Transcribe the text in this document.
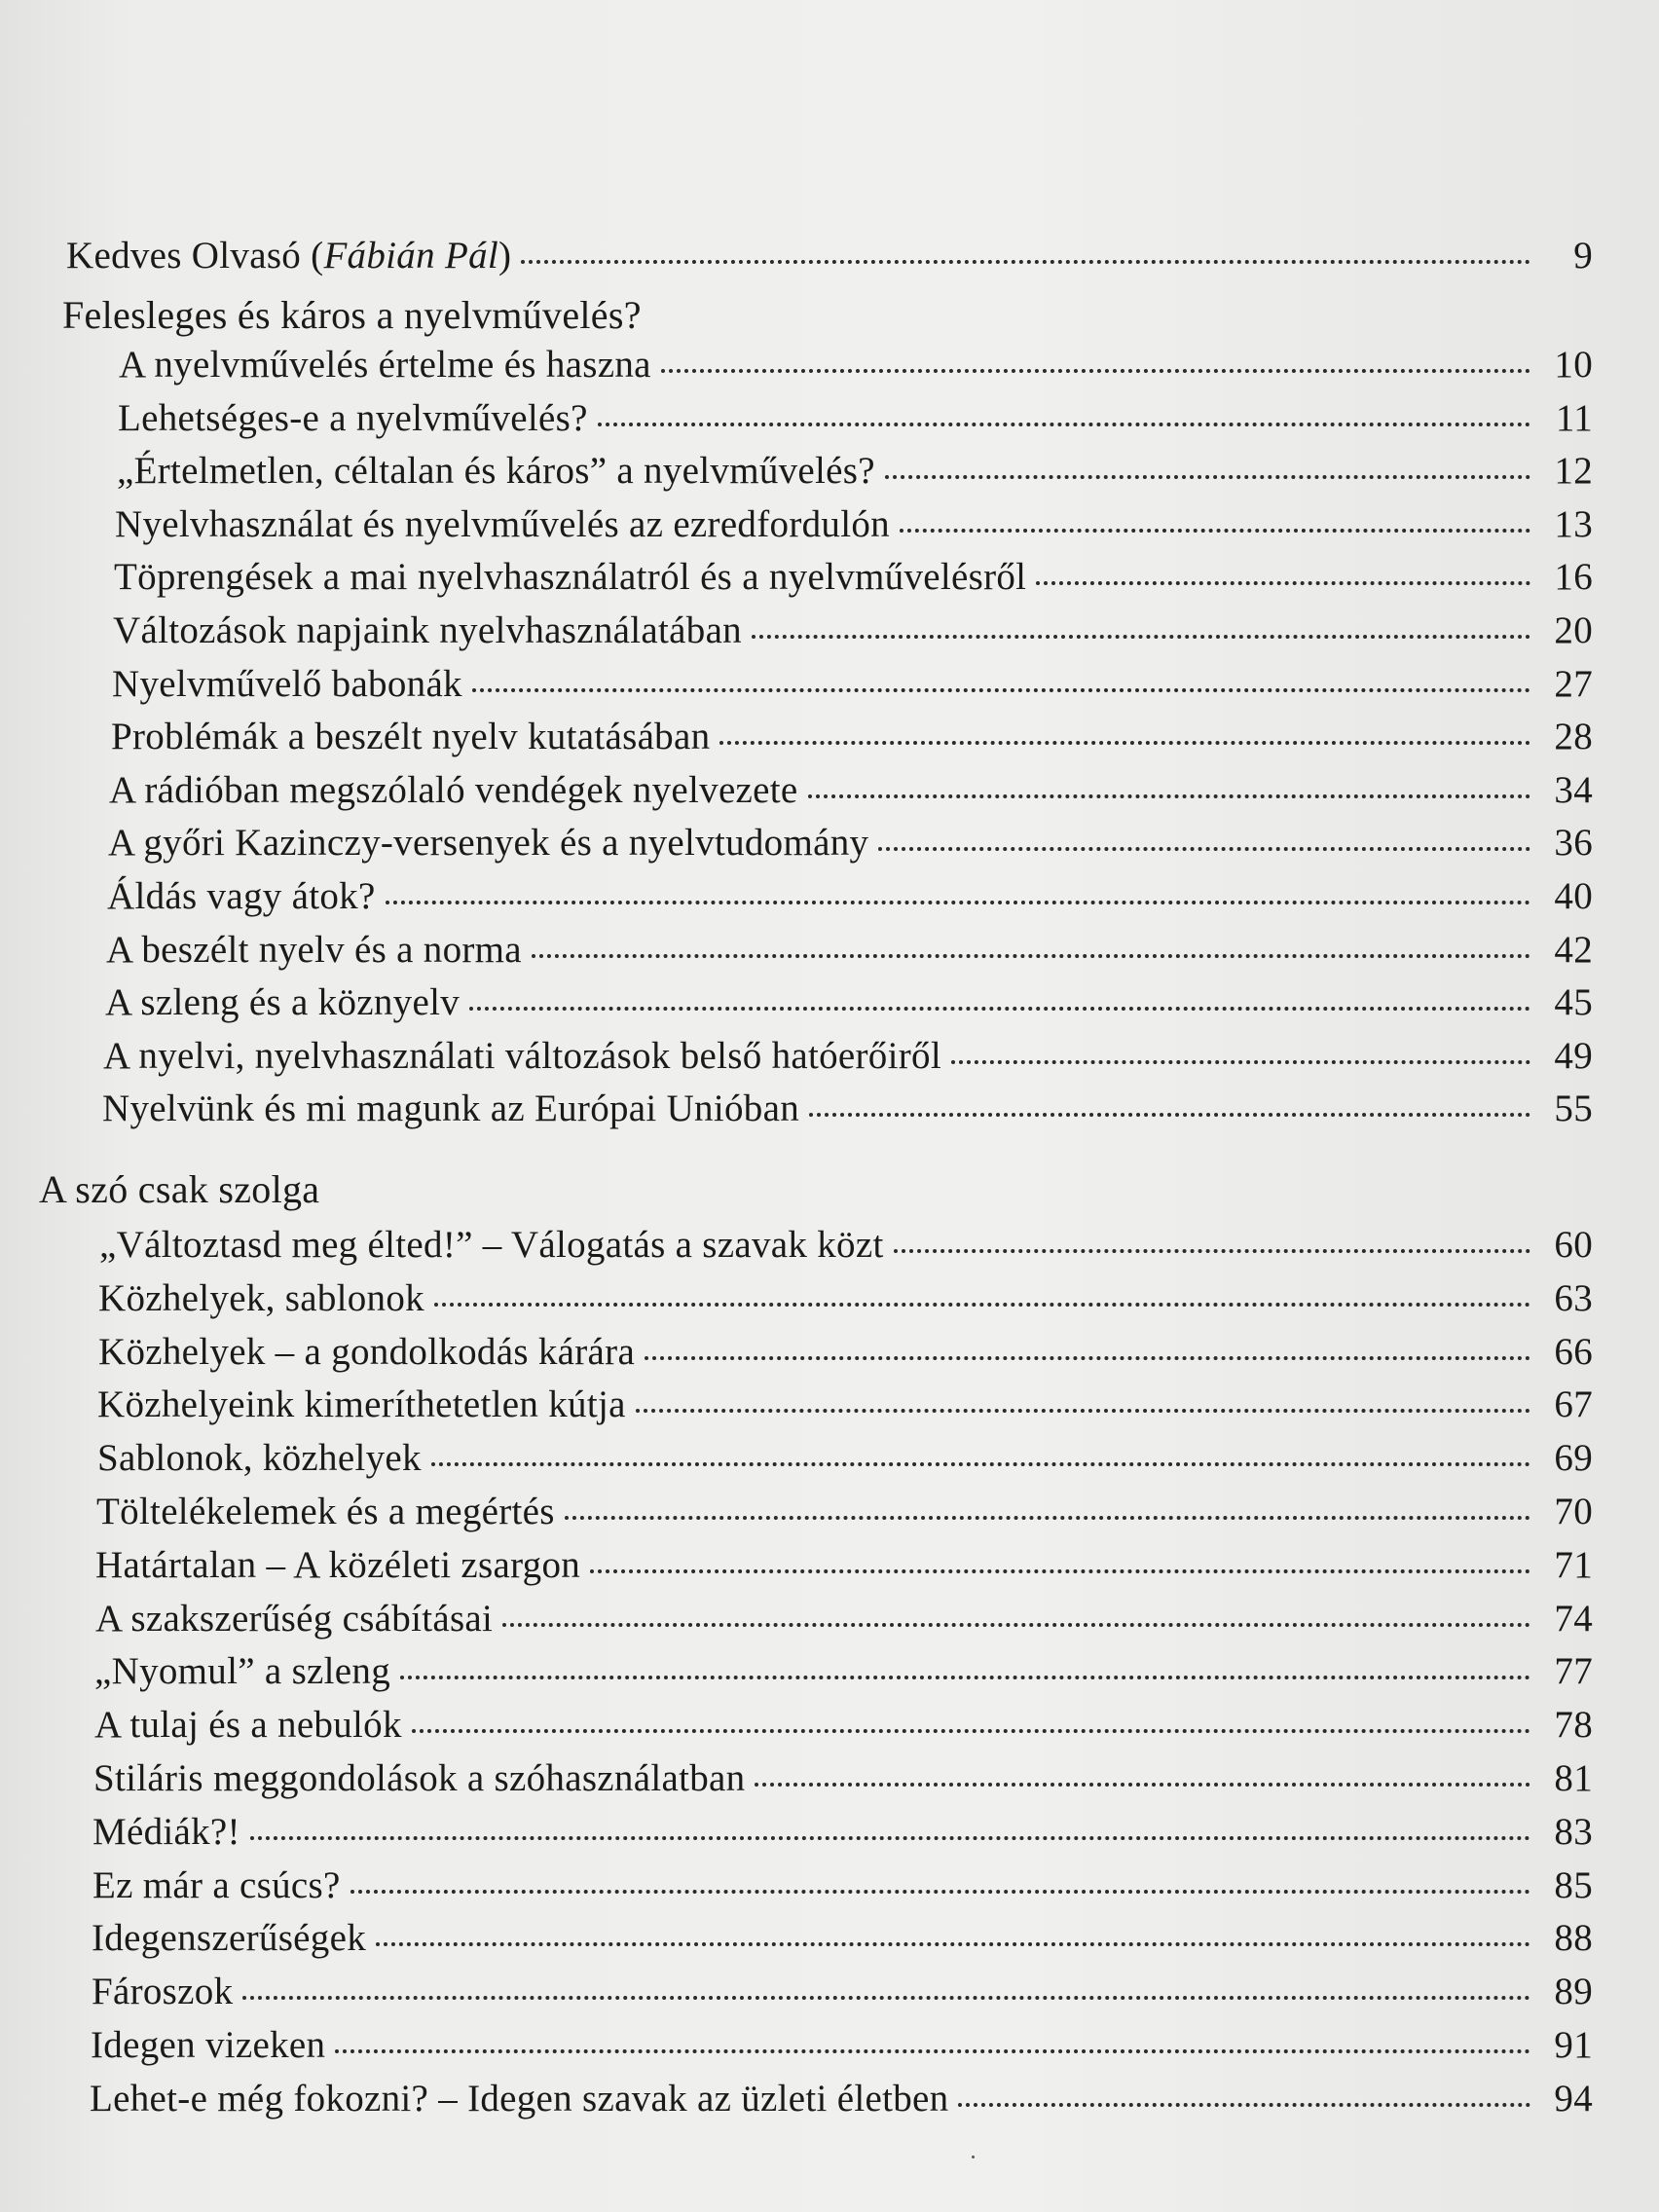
Kedves Olvasó (Fábián Pál)	9
Felesleges és káros a nyelvművelés?
A nyelvművelés értelme és haszna	10
Lehetséges-e a nyelvművelés?	11
„Értelmetlen, céltalan és káros” a nyelvművelés?	12
Nyelvhasználat és nyelvművelés az ezredfordulón	13
Töprengések a mai nyelvhasználatról és a nyelvművelésről	16
Változások napjaink nyelvhasználatában	20
Nyelvművelő babonák	27
Problémák a beszélt nyelv kutatásában	28
A rádióban megszólaló vendégek nyelvezete	34
A győri Kazinczy-versenyek és a nyelvtudomány	36
Áldás vagy átok?	40
A beszélt nyelv és a norma	42
A szleng és a köznyelv	45
A nyelvi, nyelvhasználati változások belső hatóerőiről	49
Nyelvünk és mi magunk az Európai Unióban	55
A szó csak szolga
„Változtasd meg élted!” – Válogatás a szavak közt	60
Közhelyek, sablonok	63
Közhelyek – a gondolkodás kárára	66
Közhelyeink kimeríthetetlen kútja	67
Sablonok, közhelyek	69
Töltelékelemek és a megértés	70
Határtalan – A közéleti zsargon	71
A szakszerűség csábításai	74
„Nyomul” a szleng	77
A tulaj és a nebulók	78
Stiláris meggondolások a szóhasználatban	81
Médiák?!	83
Ez már a csúcs?	85
Idegenszerűségek	88
Fároszok	89
Idegen vizeken	91
Lehet-e még fokozni? – Idegen szavak az üzleti életben	94
